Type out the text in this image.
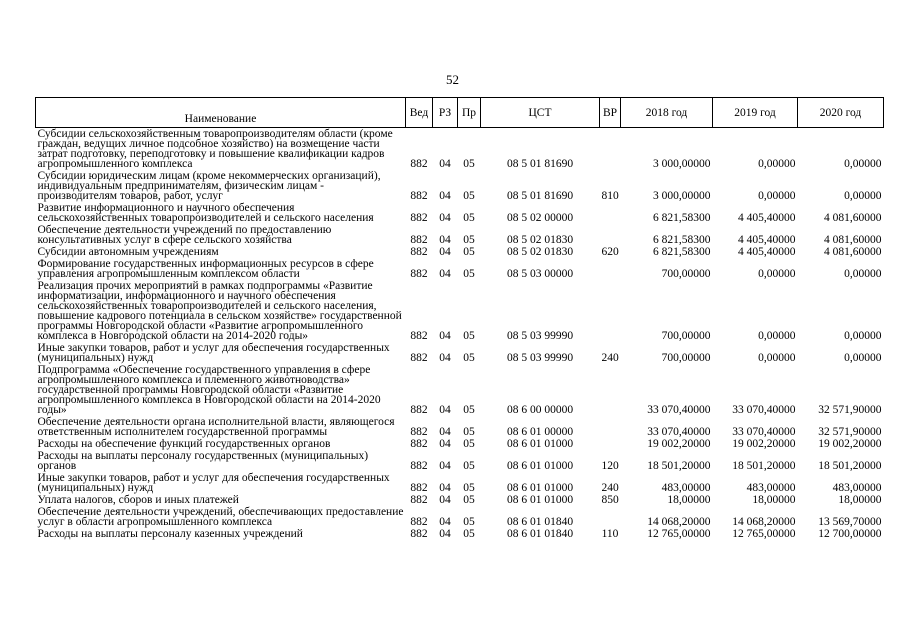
52
Наименование	Вед	РЗ	Пр	ЦСТ	ВР	2018 год	2019 год	2020 год
Субсидии сельскохозяйственным товаропроизводителям области (кроме граждан, ведущих личное подсобное хозяйство) на возмещение части затрат подготовку, переподготовку и повышение квалификации кадров агропромышленного комплекса	882	04	05	08 5 01 81690		3 000,00000	0,00000	0,00000
Субсидии юридическим лицам (кроме некоммерческих организаций), индивидуальным предпринимателям, физическим лицам - производителям товаров, работ, услуг	882	04	05	08 5 01 81690	810	3 000,00000	0,00000	0,00000
Развитие информационного и научного обеспечения сельскохозяйственных товаропроизводителей и сельского населения	882	04	05	08 5 02 00000		6 821,58300	4 405,40000	4 081,60000
Обеспечение деятельности учреждений по предоставлению консультативных услуг в сфере сельского хозяйства	882	04	05	08 5 02 01830		6 821,58300	4 405,40000	4 081,60000
Субсидии автономным учреждениям	882	04	05	08 5 02 01830	620	6 821,58300	4 405,40000	4 081,60000
Формирование государственных информационных ресурсов в сфере управления агропромышленным комплексом области	882	04	05	08 5 03 00000		700,00000	0,00000	0,00000
Реализация прочих мероприятий в рамках подпрограммы «Развитие информатизации, информационного и научного обеспечения сельскохозяйственных товаропроизводителей и сельского населения, повышение кадрового потенциала в сельском хозяйстве» государственной программы Новгородской области «Развитие агропромышленного комплекса в Новгородской области на 2014-2020 годы»	882	04	05	08 5 03 99990		700,00000	0,00000	0,00000
Иные закупки товаров, работ и услуг для обеспечения государственных (муниципальных) нужд	882	04	05	08 5 03 99990	240	700,00000	0,00000	0,00000
Подпрограмма «Обеспечение государственного управления в сфере агропромышленного комплекса и племенного животноводства» государственной программы Новгородской области «Развитие агропромышленного комплекса в Новгородской области на 2014-2020 годы»	882	04	05	08 6 00 00000		33 070,40000	33 070,40000	32 571,90000
Обеспечение деятельности органа исполнительной власти, являющегося ответственным исполнителем государственной программы	882	04	05	08 6 01 00000		33 070,40000	33 070,40000	32 571,90000
Расходы на обеспечение функций государственных органов	882	04	05	08 6 01 01000		19 002,20000	19 002,20000	19 002,20000
Расходы на выплаты персоналу государственных (муниципальных) органов	882	04	05	08 6 01 01000	120	18 501,20000	18 501,20000	18 501,20000
Иные закупки товаров, работ и услуг для обеспечения государственных (муниципальных) нужд	882	04	05	08 6 01 01000	240	483,00000	483,00000	483,00000
Уплата налогов, сборов и иных платежей	882	04	05	08 6 01 01000	850	18,00000	18,00000	18,00000
Обеспечение деятельности учреждений, обеспечивающих предоставление услуг в области агропромышленного комплекса	882	04	05	08 6 01 01840		14 068,20000	14 068,20000	13 569,70000
Расходы на выплаты персоналу казенных учреждений	882	04	05	08 6 01 01840	110	12 765,00000	12 765,00000	12 700,00000
